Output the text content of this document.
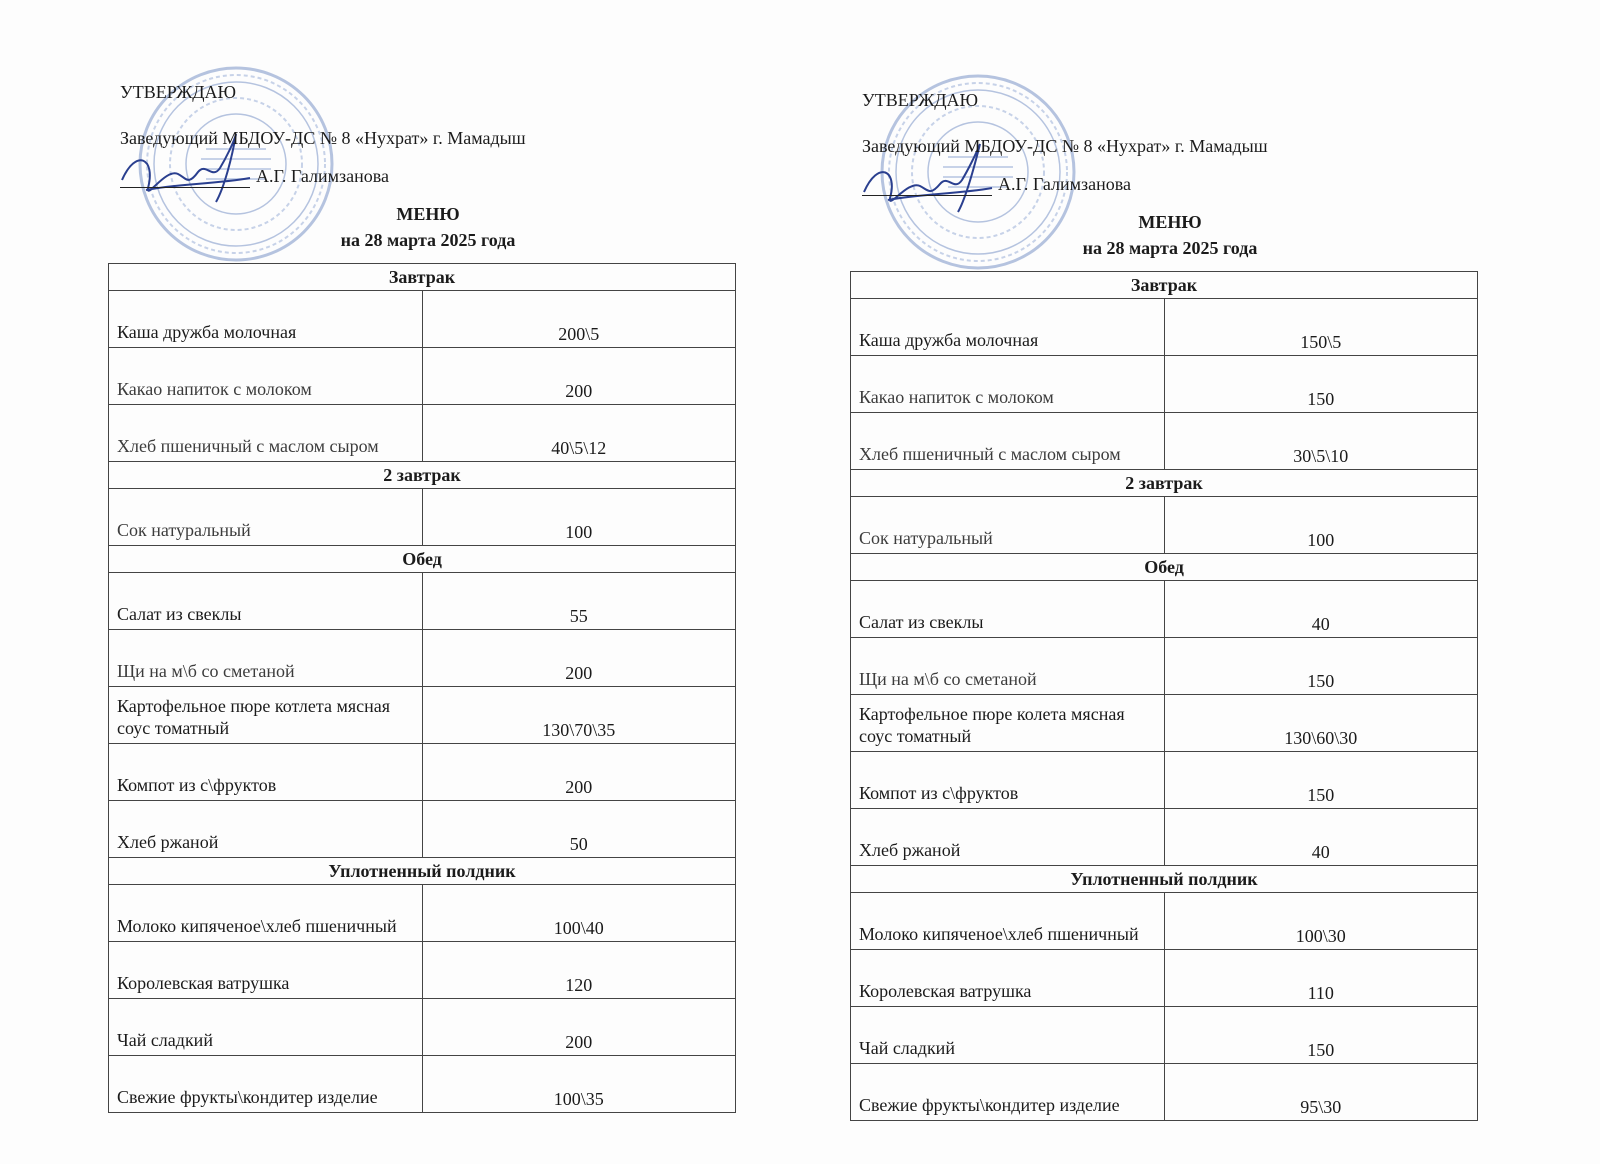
УТВЕРЖДАЮ
Заведующий МБДОУ-ДС № 8 «Нухрат» г. Мамадыш
А.Г. Галимзанова
МЕНЮ
на 28 марта 2025 года
Завтрак	
Каша дружба молочная	200\5
Какао напиток с молоком	200
Хлеб пшеничный с маслом сыром	40\5\12
2 завтрак	
Сок натуральный	100
Обед	
Салат из свеклы	55
Щи на м\б со сметаной	200
Картофельное пюре котлета мясная соус томатный	130\70\35
Компот из с\фруктов	200
Хлеб ржаной	50
Уплотненный полдник	
Молоко кипяченое\хлеб пшеничный	100\40
Королевская ватрушка	120
Чай сладкий	200
Свежие фрукты\кондитер изделие	100\35
УТВЕРЖДАЮ
Заведующий МБДОУ-ДС № 8 «Нухрат» г. Мамадыш
А.Г. Галимзанова
МЕНЮ
на 28 марта 2025 года
Завтрак	
Каша дружба молочная	150\5
Какао напиток с молоком	150
Хлеб пшеничный с маслом сыром	30\5\10
2 завтрак	
Сок натуральный	100
Обед	
Салат из свеклы	40
Щи на м\б со сметаной	150
Картофельное пюре колета мясная соус томатный	130\60\30
Компот из с\фруктов	150
Хлеб ржаной	40
Уплотненный полдник	
Молоко кипяченое\хлеб пшеничный	100\30
Королевская ватрушка	110
Чай сладкий	150
Свежие фрукты\кондитер изделие	95\30
